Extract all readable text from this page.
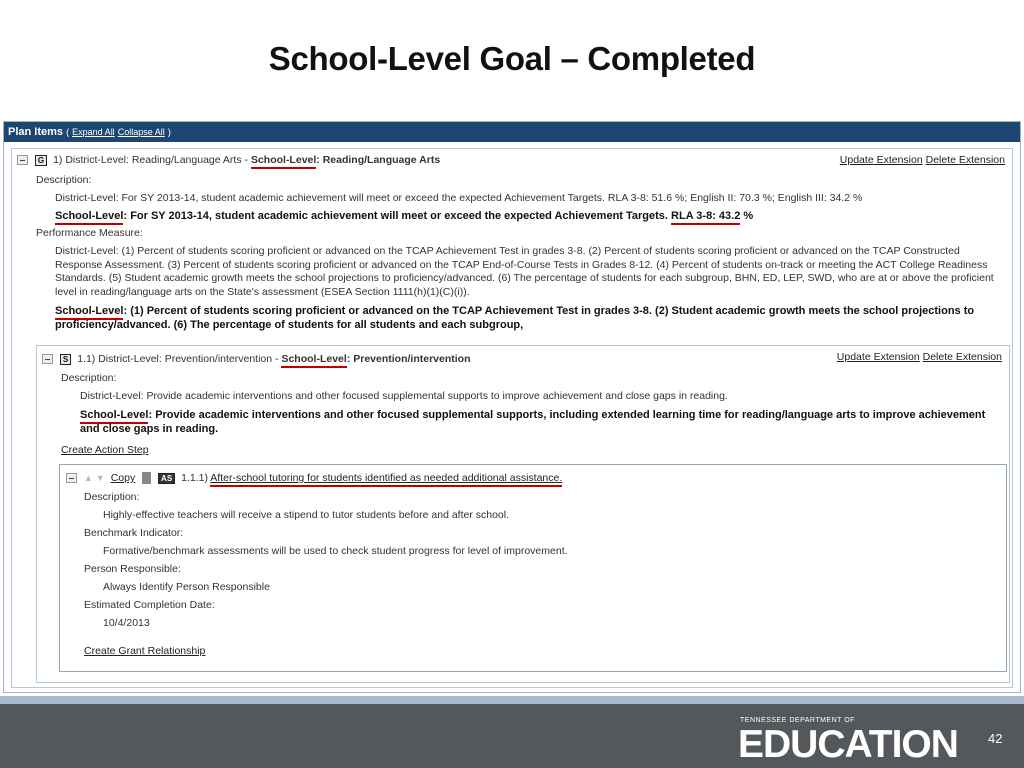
School-Level Goal – Completed
Plan Items ( Expand All Collapse All )
G 1) District-Level: Reading/Language Arts - School-Level: Reading/Language Arts	Update Extension Delete Extension
Description:
District-Level: For SY 2013-14, student academic achievement will meet or exceed the expected Achievement Targets. RLA 3-8: 51.6 %; English II: 70.3 %; English III: 34.2 %
School-Level: For SY 2013-14, student academic achievement will meet or exceed the expected Achievement Targets. RLA 3-8: 43.2 %
Performance Measure:
District-Level: (1) Percent of students scoring proficient or advanced on the TCAP Achievement Test in grades 3-8. (2) Percent of students scoring proficient or advanced on the TCAP Constructed Response Assessment. (3) Percent of students scoring proficient or advanced on the TCAP End-of-Course Tests in Grades 8-12. (4) Percent of students on-track or meeting the ACT College Readiness Standards. (5) Student academic growth meets the school projections to proficiency/advanced. (6) The percentage of students for each subgroup, BHN, ED, LEP, SWD, who are at or above the proficient level in reading/language arts on the State's assessment (ESEA Section 1111(h)(1)(C)(i)).
School-Level: (1) Percent of students scoring proficient or advanced on the TCAP Achievement Test in grades 3-8. (2) Student academic growth meets the school projections to proficiency/advanced. (6) The percentage of students for all students and each subgroup,
S 1.1) District-Level: Prevention/intervention - School-Level: Prevention/intervention	Update Extension Delete Extension
Description:
District-Level: Provide academic interventions and other focused supplemental supports to improve achievement and close gaps in reading.
School-Level: Provide academic interventions and other focused supplemental supports, including extended learning time for reading/language arts to improve achievement and close gaps in reading.
Create Action Step
▲ ▼ Copy	AS 1.1.1) After-school tutoring for students identified as needed additional assistance.
Description:
Highly-effective teachers will receive a stipend to tutor students before and after school.
Benchmark Indicator:
Formative/benchmark assessments will be used to check student progress for level of improvement.
Person Responsible:
Always Identify Person Responsible
Estimated Completion Date:
10/4/2013
Create Grant Relationship
TENNESSEE DEPARTMENT OF
EDUCATION 42
